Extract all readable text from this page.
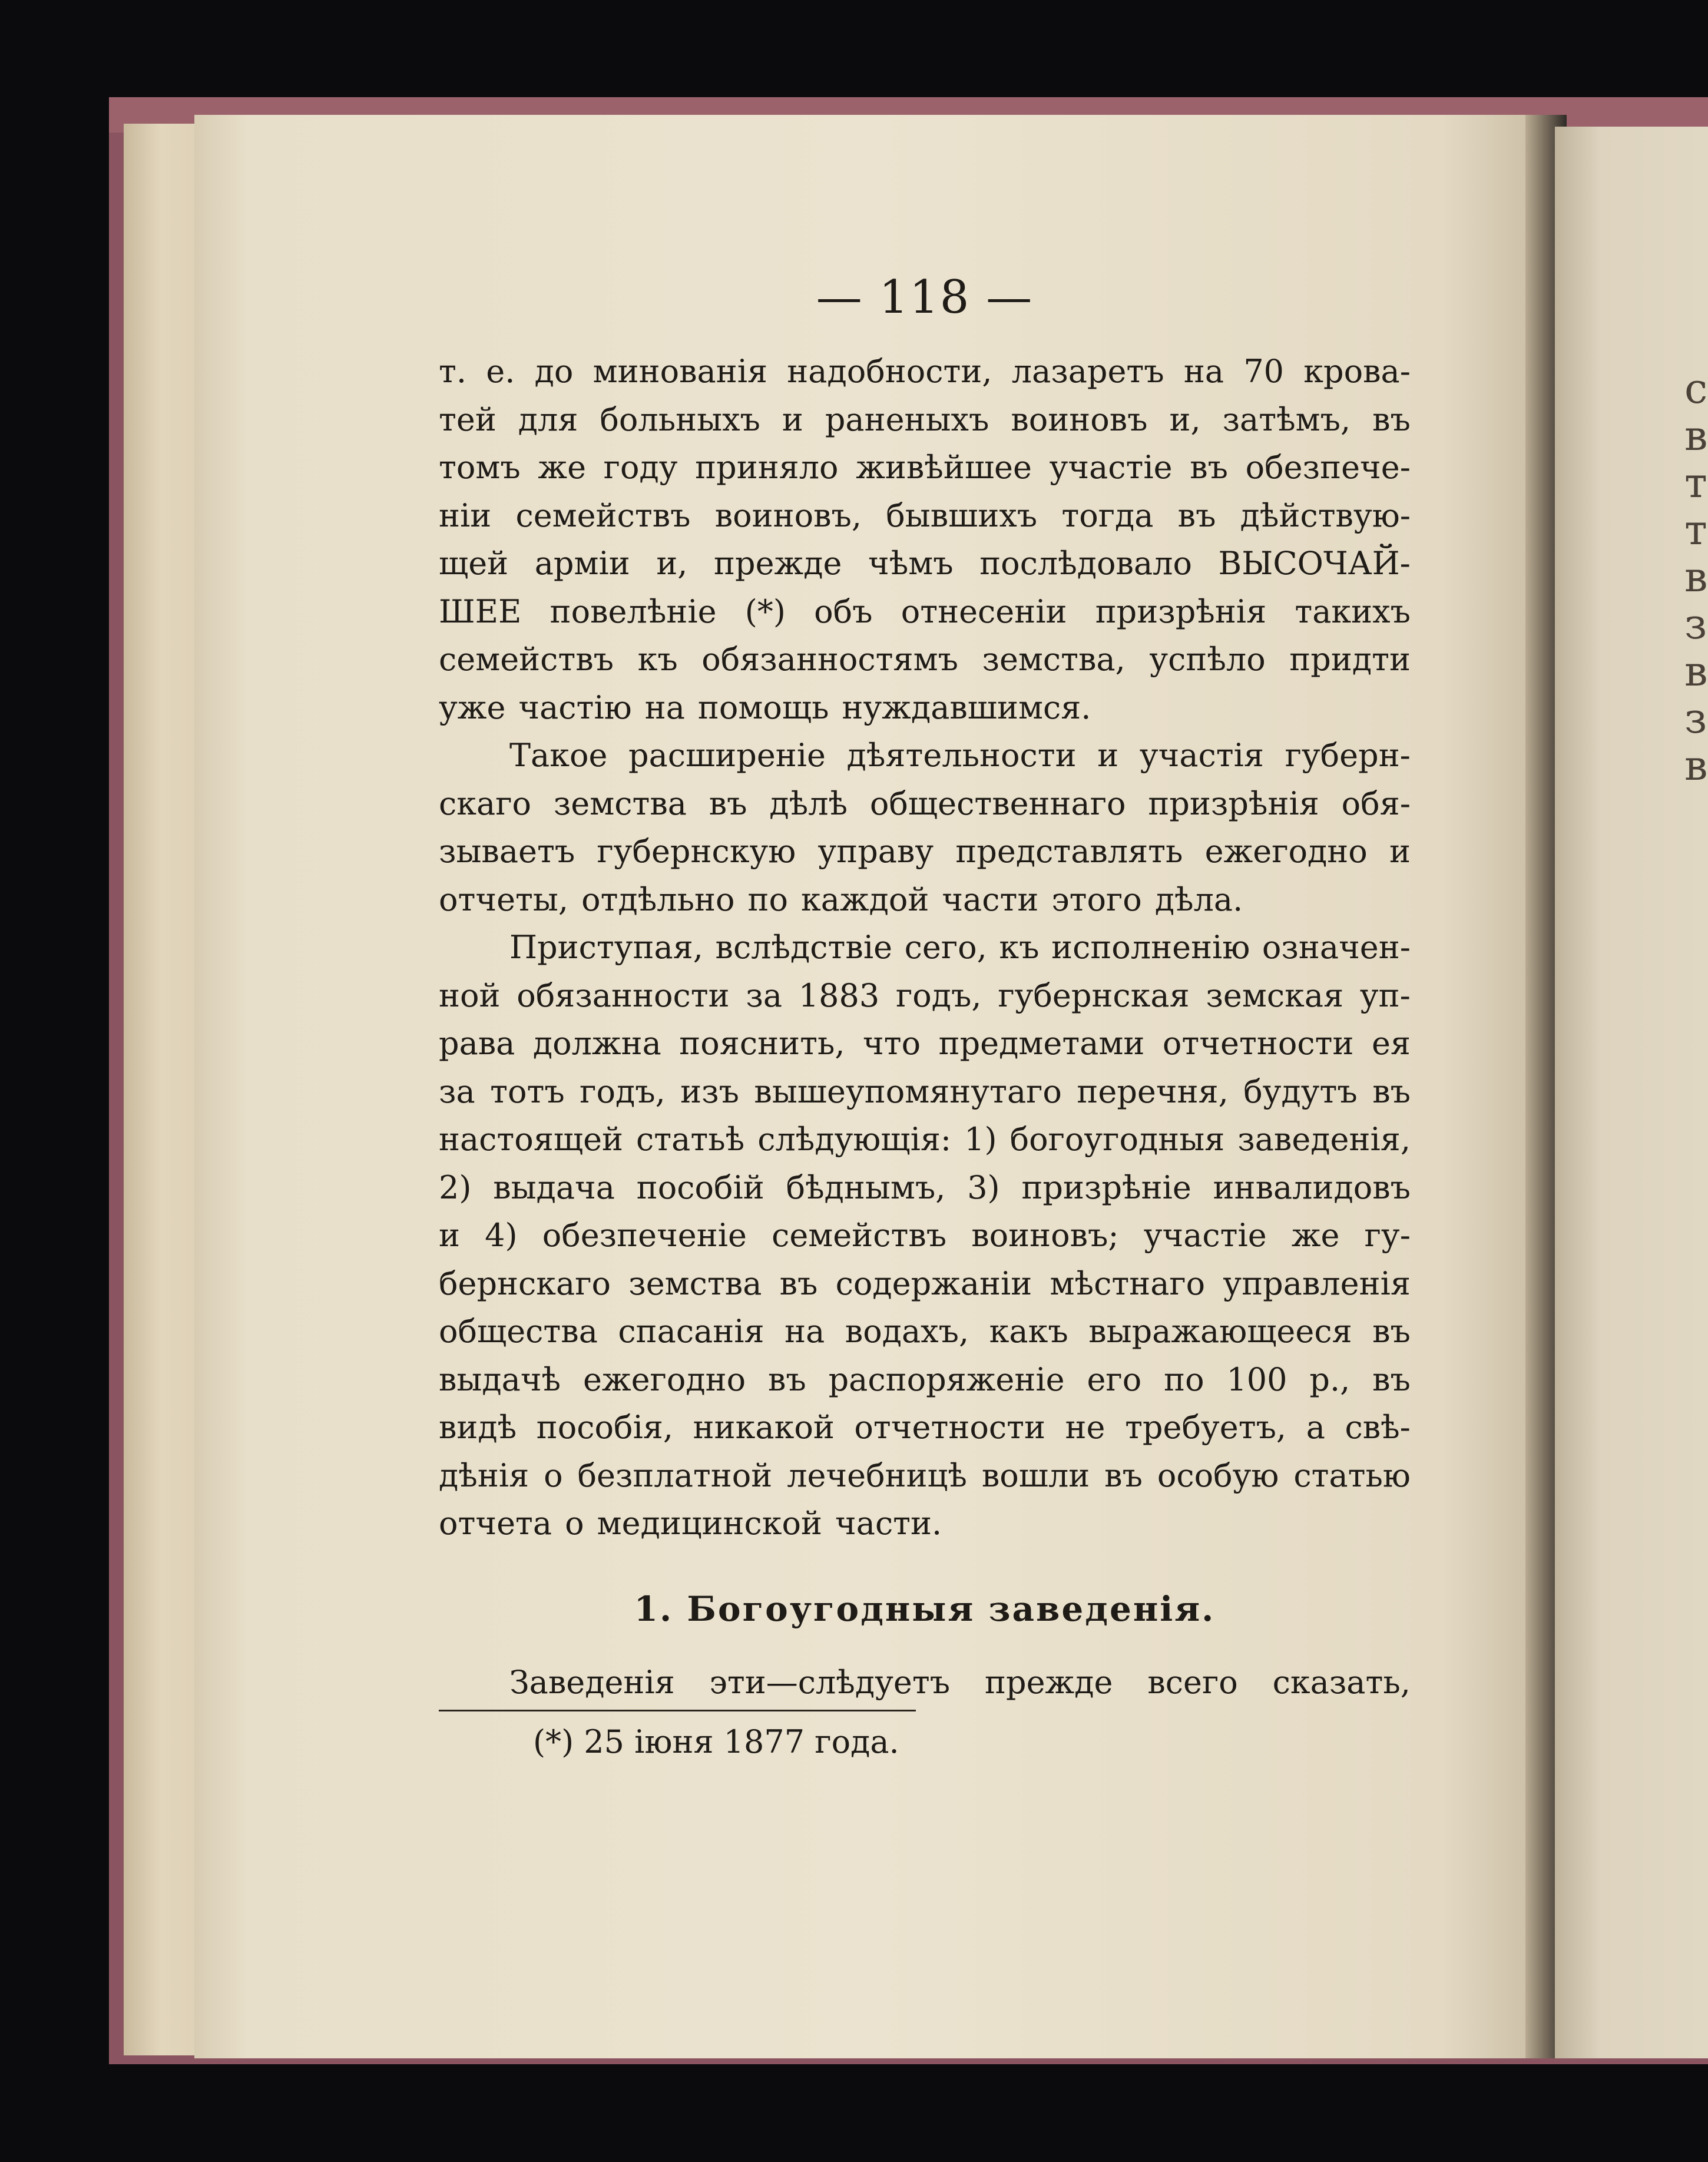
с
в
т
т
в
з
в
з
в
— 118 —
т. е. до минованія надобности, лазаретъ на 70 крова-
тей для больныхъ и раненыхъ воиновъ и, затѣмъ, въ
томъ же году приняло живѣйшее участіе въ обезпече-
ніи семействъ воиновъ, бывшихъ тогда въ дѣйствую-
щей арміи и, прежде чѣмъ послѣдовало ВЫСОЧАЙ-
ШЕЕ повелѣніе (*) объ отнесеніи призрѣнія такихъ
семействъ къ обязанностямъ земства, успѣло придти
уже частію на помощь нуждавшимся.
Такое расширеніе дѣятельности и участія губерн-
скаго земства въ дѣлѣ общественнаго призрѣнія обя-
зываетъ губернскую управу представлять ежегодно и
отчеты, отдѣльно по каждой части этого дѣла.
Приступая, вслѣдствіе сего, къ исполненію означен-
ной обязанности за 1883 годъ, губернская земская уп-
рава должна пояснить, что предметами отчетности ея
за тотъ годъ, изъ вышеупомянутаго перечня, будутъ въ
настоящей статьѣ слѣдующія: 1) богоугодныя заведенія,
2) выдача пособій бѣднымъ, 3) призрѣніе инвалидовъ
и 4) обезпеченіе семействъ воиновъ; участіе же гу-
бернскаго земства въ содержаніи мѣстнаго управленія
общества спасанія на водахъ, какъ выражающееся въ
выдачѣ ежегодно въ распоряженіе его по 100 р., въ
видѣ пособія, никакой отчетности не требуетъ, а свѣ-
дѣнія о безплатной лечебницѣ вошли въ особую статью
отчета о медицинской части.
1. Богоугодныя заведенія.
Заведенія эти—слѣдуетъ прежде всего сказать,
(*) 25 іюня 1877 года.
